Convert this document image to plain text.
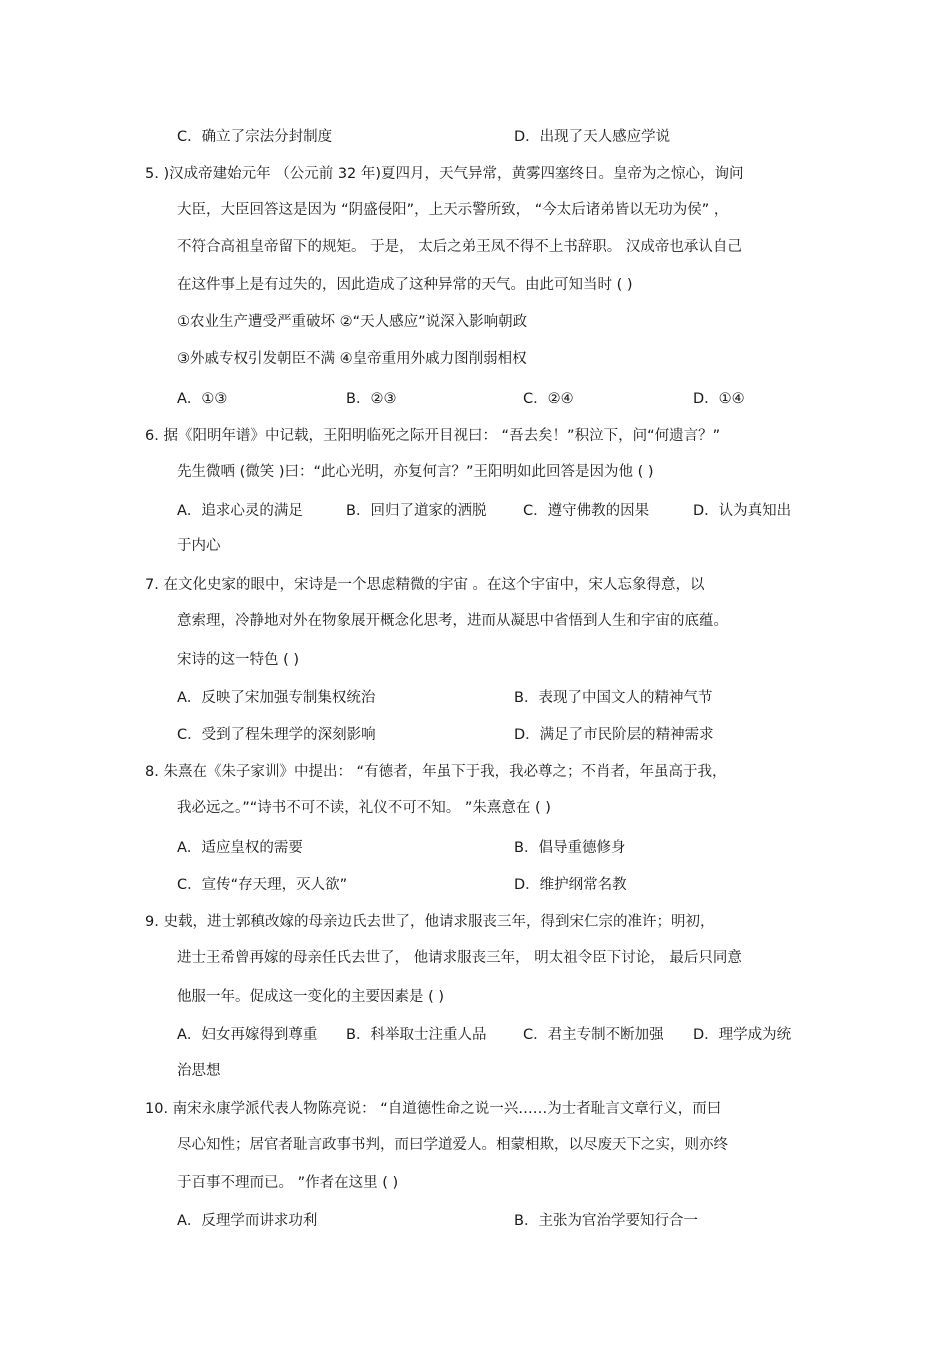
C．确立了宗法分封制度	D．出现了天人感应学说
5. )汉成帝建始元年 （公元前 32 年)夏四月，天气异常，黄雾四塞终日。皇帝为之惊心，询问
大臣，大臣回答这是因为 “阴盛侵阳”，上天示警所致， “今太后诸弟皆以无功为侯” ，
不符合高祖皇帝留下的规矩。 于是， 太后之弟王凤不得不上书辞职。 汉成帝也承认自己
在这件事上是有过失的，因此造成了这种异常的天气。由此可知当时 ( )
①农业生产遭受严重破坏 ②“天人感应”说深入影响朝政
③外戚专权引发朝臣不满 ④皇帝重用外戚力图削弱相权
A．①③	B．②③	C．②④	D．①④
6. 据《阳明年谱》中记载，王阳明临死之际开目视曰： “吾去矣！”积泣下，问“何遗言？”
先生微哂 (微笑 )曰：“此心光明，亦复何言？”王阳明如此回答是因为他 ( )
A．追求心灵的满足	B．回归了道家的洒脱	C．遵守佛教的因果	D．认为真知出
于内心
7. 在文化史家的眼中，宋诗是一个思虑精微的宇宙 。在这个宇宙中，宋人忘象得意，以
意索理，冷静地对外在物象展开概念化思考，进而从凝思中省悟到人生和宇宙的底蕴。
宋诗的这一特色 ( )
A．反映了宋加强专制集权统治	B．表现了中国文人的精神气节
C．受到了程朱理学的深刻影响	D．满足了市民阶层的精神需求
8. 朱熹在《朱子家训》中提出： “有德者，年虽下于我，我必尊之；不肖者，年虽高于我，
我必远之。”“诗书不可不读，礼仪不可不知。 ”朱熹意在 ( )
A．适应皇权的需要	B．倡导重德修身
C．宣传“存天理，灭人欲”	D．维护纲常名教
9. 史载，进士郭稹改嫁的母亲边氏去世了，他请求服丧三年，得到宋仁宗的准许；明初，
进士王希曾再嫁的母亲任氏去世了， 他请求服丧三年， 明太祖令臣下讨论， 最后只同意
他服一年。促成这一变化的主要因素是 ( )
A．妇女再嫁得到尊重 B．科举取士注重人品	C．君主专制不断加强 D．理学成为统
治思想
10. 南宋永康学派代表人物陈亮说： “自道德性命之说一兴……为士者耻言文章行义，而曰
尽心知性；居官者耻言政事书判，而曰学道爱人。相蒙相欺，以尽废天下之实，则亦终
于百事不理而已。 ”作者在这里 ( )
A．反理学而讲求功利	B．主张为官治学要知行合一
